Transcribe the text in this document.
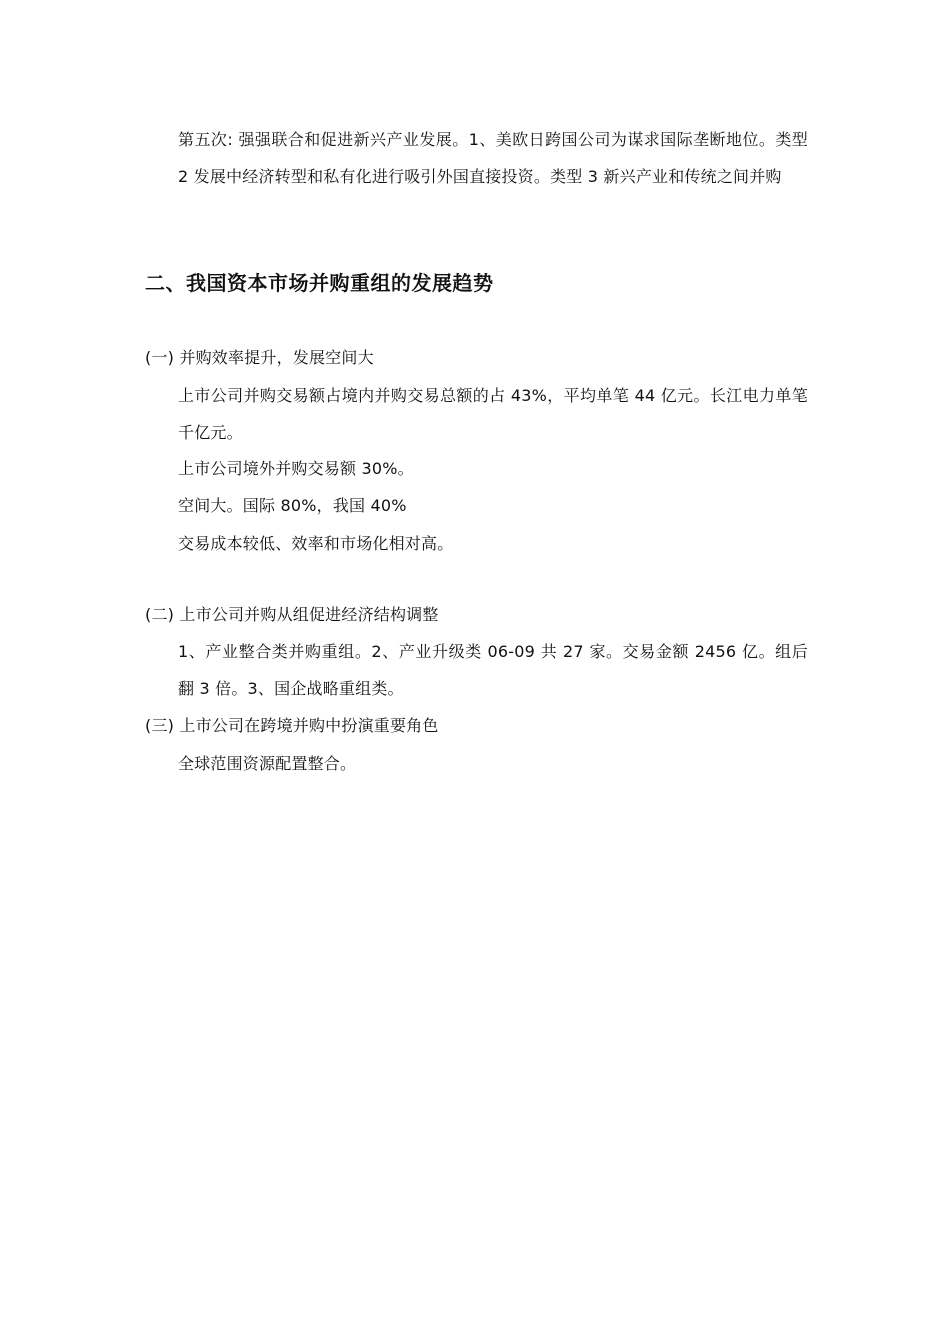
第五次: 强强联合和促进新兴产业发展。1、美欧日跨国公司为谋求国际垄断地位。类型 2 发展中经济转型和私有化进行吸引外国直接投资。类型 3 新兴产业和传统之间并购
二、我国资本市场并购重组的发展趋势
(一) 并购效率提升，发展空间大
上市公司并购交易额占境内并购交易总额的占 43%，平均单笔 44 亿元。长江电力单笔千亿元。
上市公司境外并购交易额 30%。
空间大。国际 80%，我国 40%
交易成本较低、效率和市场化相对高。
(二) 上市公司并购从组促进经济结构调整
1、产业整合类并购重组。2、产业升级类 06-09 共 27 家。交易金额 2456 亿。组后翻 3 倍。3、国企战略重组类。
(三) 上市公司在跨境并购中扮演重要角色
全球范围资源配置整合。
